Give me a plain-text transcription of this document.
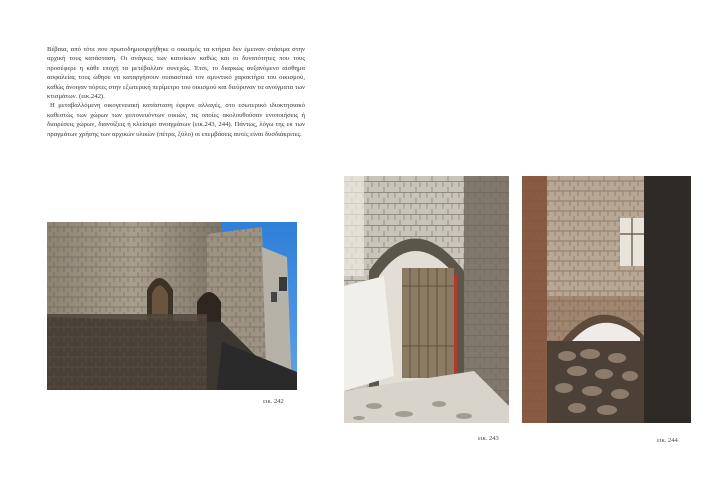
Βέβαια, από τότε που πρωτοδημιουργήθηκε ο οικισμός τα κτήρια δεν έμειναν στάσιμα στην αρχική τους κατάσταση. Οι ανάγκες των κατοίκων καθώς και οι δυνατότητες που τους προσέφερε η κάθε εποχή τα μετέβαλλαν συνεχώς. Έτσι, το διαρκώς αυξανόμενο αίσθημα ασφαλείας τους ώθησε να καταργήσουν ουσιαστικά τον αμυντικό χαρακτήρα του οικισμού, καθώς άνοιγαν πόρτες στην εξωτερική περίμετρο του οικισμού και διεύρυναν τα ανοίγματα των κτισμάτων. (εικ.242).

Η μεταβαλλόμενη οικογενειακή κατάσταση έφερνε αλλαγές, στο εσωτερικό ιδιοκτησιακό καθεστώς των χώρων των γειτονευόντων οικιών, τις οποίες ακολουθούσαν ενοποιήσεις ή διαιρέσεις χώρων, διανοίξεις ή κλείσιμο ανοιγμάτων (εικ.243, 244). Πάντως, λόγω της εκ των πραγμάτων χρήσης των αρχικών υλικών (πέτρα, ξύλο) οι επεμβάσεις αυτές είναι δυσδιάκριτες.

εικ. 242
εικ. 243	εικ. 244
